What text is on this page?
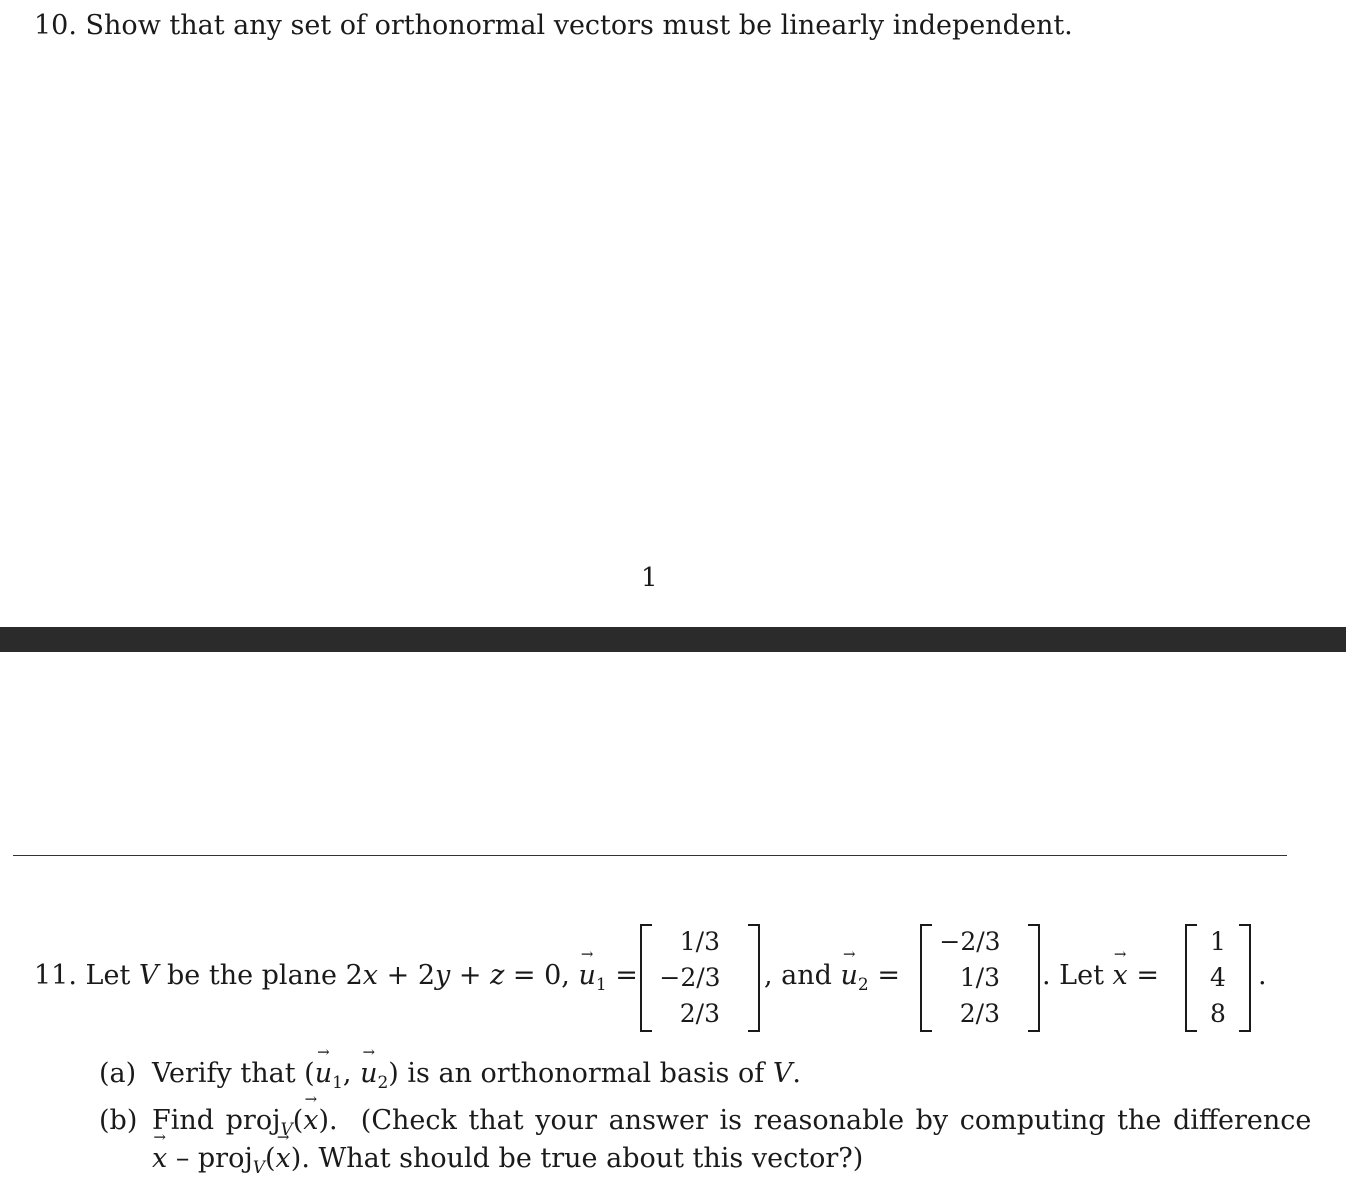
10. Show that any set of orthonormal vectors must be linearly independent.
1
11. Let V be the plane 2x + 2y + z = 0, → $u_1$ =
1/3
−2/3
2/3
, and → $u_2$ =
−2/3
1/3
2/3
. Let → x =
1
4
8
.
(a) Verify that (→ $u_1$, → $u_2$) is an orthonormal basis of V.
(b) Find proj$_V$(→ x).  (Check that your answer is reasonable by computing the difference
→ x – proj$_V$(→ x). What should be true about this vector?)
